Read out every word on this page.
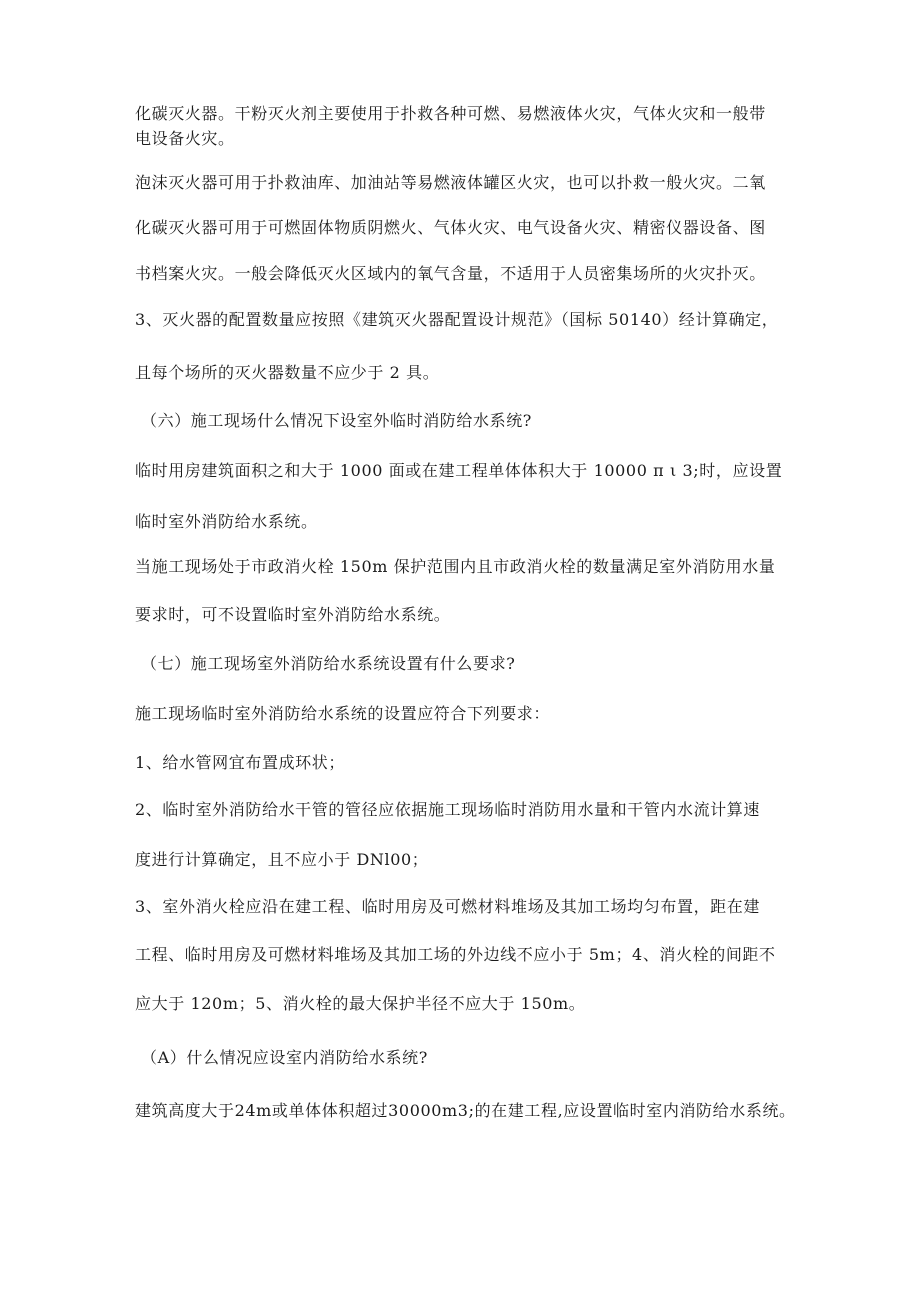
化碳灭火器。干粉灭火剂主要使用于扑救各种可燃、易燃液体火灾，气体火灾和一般带
电设备火灾。
泡沫灭火器可用于扑救油库、加油站等易燃液体罐区火灾，也可以扑救一般火灾。二氧
化碳灭火器可用于可燃固体物质阴燃火、气体火灾、电气设备火灾、精密仪器设备、图
书档案火灾。一般会降低灭火区域内的氧气含量，不适用于人员密集场所的火灾扑灭。
3、灭火器的配置数量应按照《建筑灭火器配置设计规范》（国标 50140）经计算确定，
且每个场所的灭火器数量不应少于 2 具。
（六）施工现场什么情况下设室外临时消防给水系统?
临时用房建筑面积之和大于 1000 面或在建工程单体体积大于 10000 π ι 3;时，应设置
临时室外消防给水系统。
当施工现场处于市政消火栓 150m 保护范围内且市政消火栓的数量满足室外消防用水量
要求时，可不设置临时室外消防给水系统。
（七）施工现场室外消防给水系统设置有什么要求?
施工现场临时室外消防给水系统的设置应符合下列要求：
1、给水管网宜布置成环状；
2、临时室外消防给水干管的管径应依据施工现场临时消防用水量和干管内水流计算速
度进行计算确定，且不应小于 DNl00；
3、室外消火栓应沿在建工程、临时用房及可燃材料堆场及其加工场均匀布置，距在建
工程、临时用房及可燃材料堆场及其加工场的外边线不应小于 5m；4、消火栓的间距不
应大于 120m；5、消火栓的最大保护半径不应大于 150m。
（A）什么情况应设室内消防给水系统?
建筑高度大于24m或单体体积超过30000m3;的在建工程,应设置临时室内消防给水系统。
